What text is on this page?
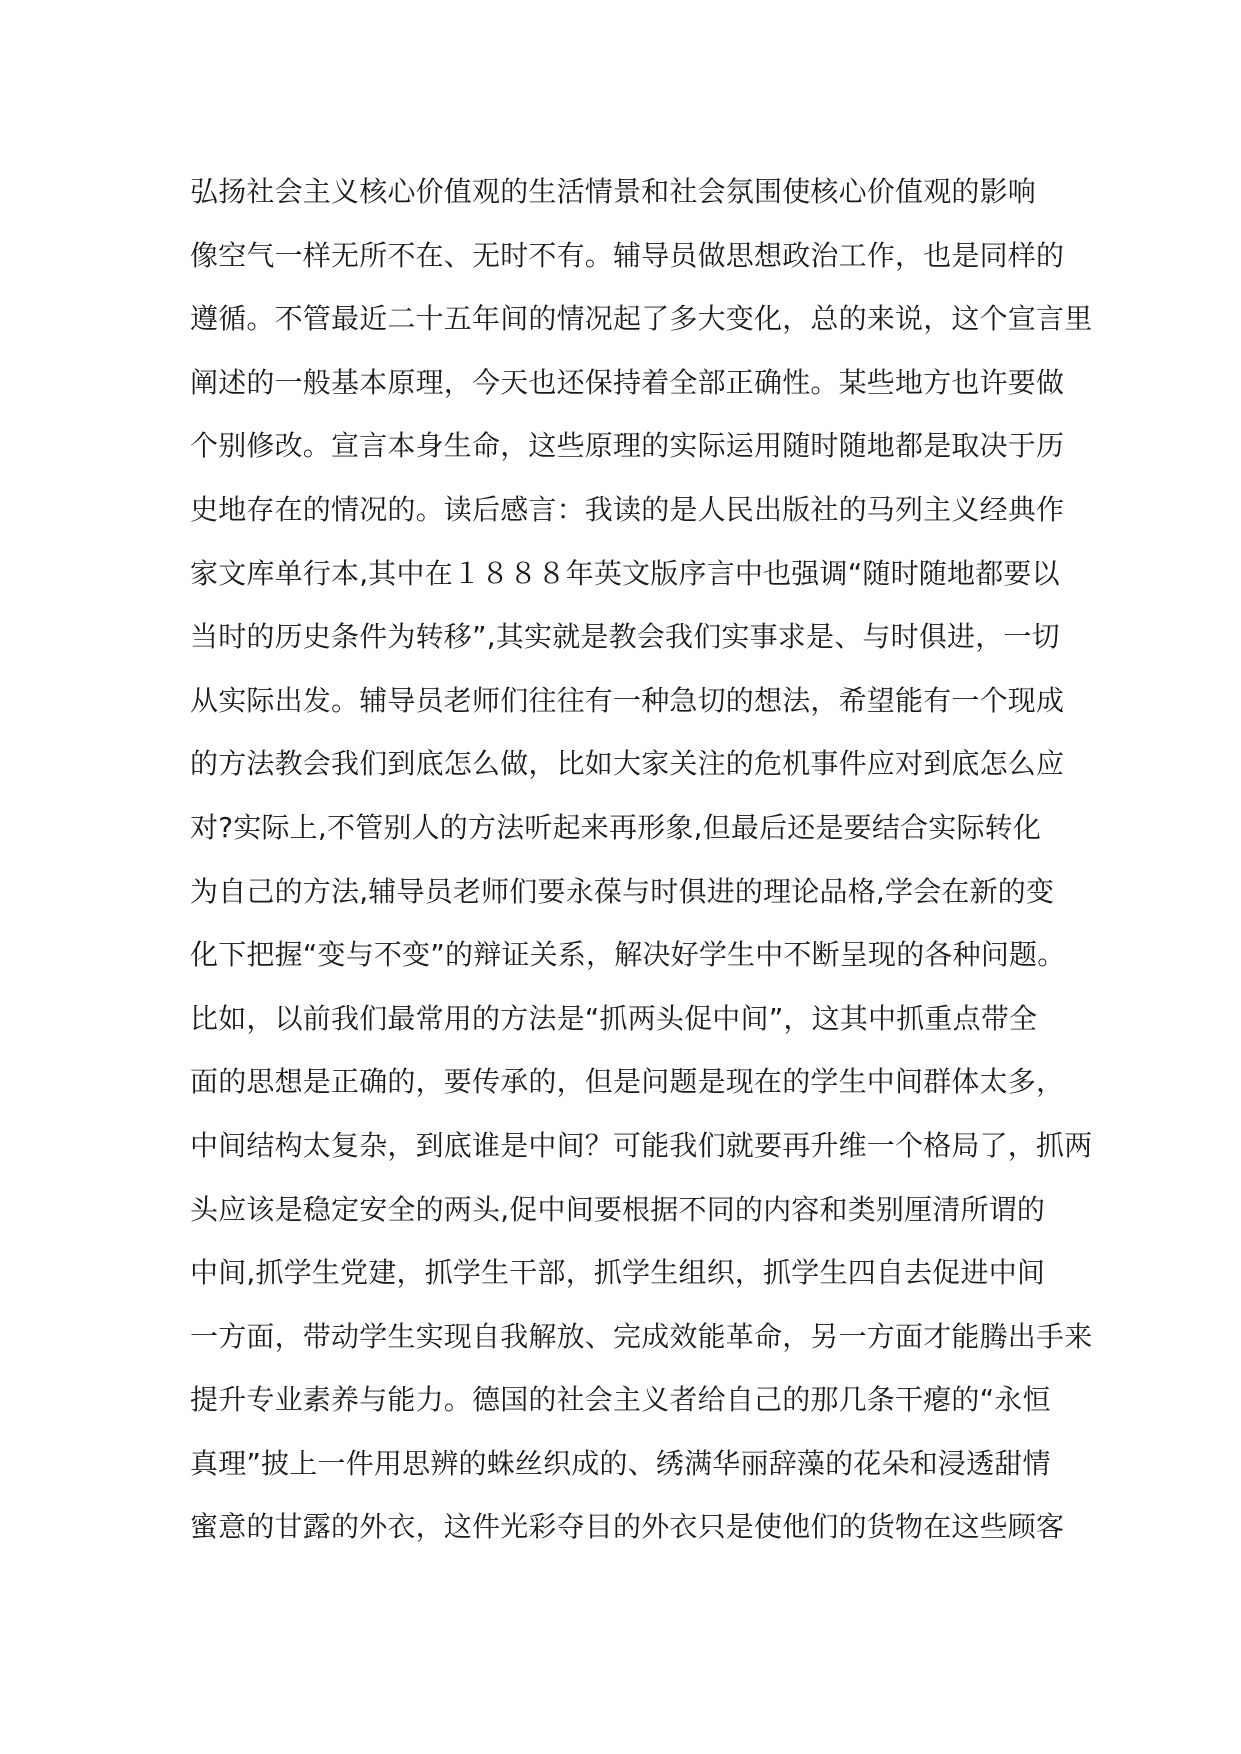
弘扬社会主义核心价值观的生活情景和社会氛围使核心价值观的影响
像空气一样无所不在、无时不有。辅导员做思想政治工作，也是同样的
遵循。不管最近二十五年间的情况起了多大变化，总的来说，这个宣言里
阐述的一般基本原理，今天也还保持着全部正确性。某些地方也许要做
个别修改。宣言本身生命，这些原理的实际运用随时随地都是取决于历
史地存在的情况的。读后感言：我读的是人民出版社的马列主义经典作
家文库单行本,其中在１８８８年英文版序言中也强调“随时随地都要以
当时的历史条件为转移”,其实就是教会我们实事求是、与时俱进，一切
从实际出发。辅导员老师们往往有一种急切的想法，希望能有一个现成
的方法教会我们到底怎么做，比如大家关注的危机事件应对到底怎么应
对?实际上,不管别人的方法听起来再形象,但最后还是要结合实际转化
为自己的方法,辅导员老师们要永葆与时俱进的理论品格,学会在新的变
化下把握“变与不变”的辩证关系，解决好学生中不断呈现的各种问题。
比如，以前我们最常用的方法是“抓两头促中间”，这其中抓重点带全
面的思想是正确的，要传承的，但是问题是现在的学生中间群体太多，
中间结构太复杂，到底谁是中间？可能我们就要再升维一个格局了，抓两
头应该是稳定安全的两头,促中间要根据不同的内容和类别厘清所谓的
中间,抓学生党建，抓学生干部，抓学生组织，抓学生四自去促进中间
一方面，带动学生实现自我解放、完成效能革命，另一方面才能腾出手来
提升专业素养与能力。德国的社会主义者给自己的那几条干瘪的“永恒
真理”披上一件用思辨的蛛丝织成的、绣满华丽辞藻的花朵和浸透甜情
蜜意的甘露的外衣，这件光彩夺目的外衣只是使他们的货物在这些顾客
